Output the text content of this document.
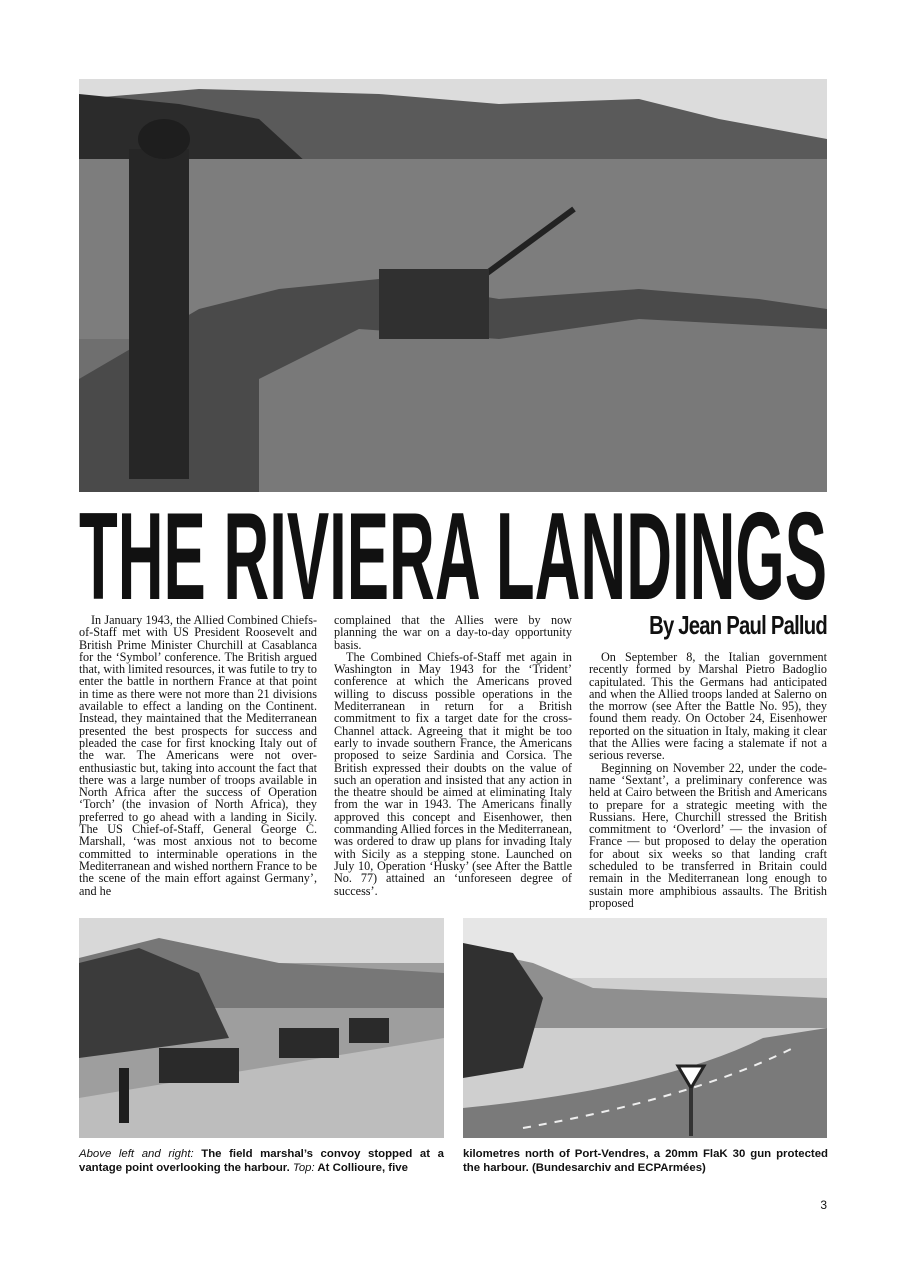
THE RIVIERA LANDINGS
By Jean Paul Pallud

In January 1943, the Allied Combined Chiefs-of-Staff met with US President Roosevelt and British Prime Minister Churchill at Casablanca for the ‘Symbol’ conference. The British argued that, with limited resources, it was futile to try to enter the battle in northern France at that point in time as there were not more than 21 divisions available to effect a landing on the Continent. Instead, they maintained that the Mediterranean presented the best prospects for success and pleaded the case for first knocking Italy out of the war. The Americans were not over-enthusiastic but, taking into account the fact that there was a large number of troops available in North Africa after the success of Operation ‘Torch’ (the invasion of North Africa), they preferred to go ahead with a landing in Sicily. The US Chief-of-Staff, General George C. Marshall, ‘was most anxious not to become committed to interminable operations in the Mediterranean and wished northern France to be the scene of the main effort against Germany’, and he

complained that the Allies were by now planning the war on a day-to-day opportunity basis.

The Combined Chiefs-of-Staff met again in Washington in May 1943 for the ‘Trident’ conference at which the Americans proved willing to discuss possible operations in the Mediterranean in return for a British commitment to fix a target date for the cross-Channel attack. Agreeing that it might be too early to invade southern France, the Americans proposed to seize Sardinia and Corsica. The British expressed their doubts on the value of such an operation and insisted that any action in the theatre should be aimed at eliminating Italy from the war in 1943. The Americans finally approved this concept and Eisenhower, then commanding Allied forces in the Mediterranean, was ordered to draw up plans for invading Italy with Sicily as a stepping stone. Launched on July 10, Operation ‘Husky’ (see After the Battle No. 77) attained an ‘unforeseen degree of success’.

On September 8, the Italian government recently formed by Marshal Pietro Badoglio capitulated. This the Germans had anticipated and when the Allied troops landed at Salerno on the morrow (see After the Battle No. 95), they found them ready. On October 24, Eisenhower reported on the situation in Italy, making it clear that the Allies were facing a stalemate if not a serious reverse.

Beginning on November 22, under the code-name ‘Sextant’, a preliminary conference was held at Cairo between the British and Americans to prepare for a strategic meeting with the Russians. Here, Churchill stressed the British commitment to ‘Overlord’ — the invasion of France — but proposed to delay the operation for about six weeks so that landing craft scheduled to be transferred in Britain could remain in the Mediterranean long enough to sustain more amphibious assaults. The British proposed

Above left and right: The field marshal’s convoy stopped at a vantage point overlooking the harbour. Top: At Collioure, five
kilometres north of Port-Vendres, a 20mm FlaK 30 gun protected the harbour. (Bundesarchiv and ECPArmées)
3
